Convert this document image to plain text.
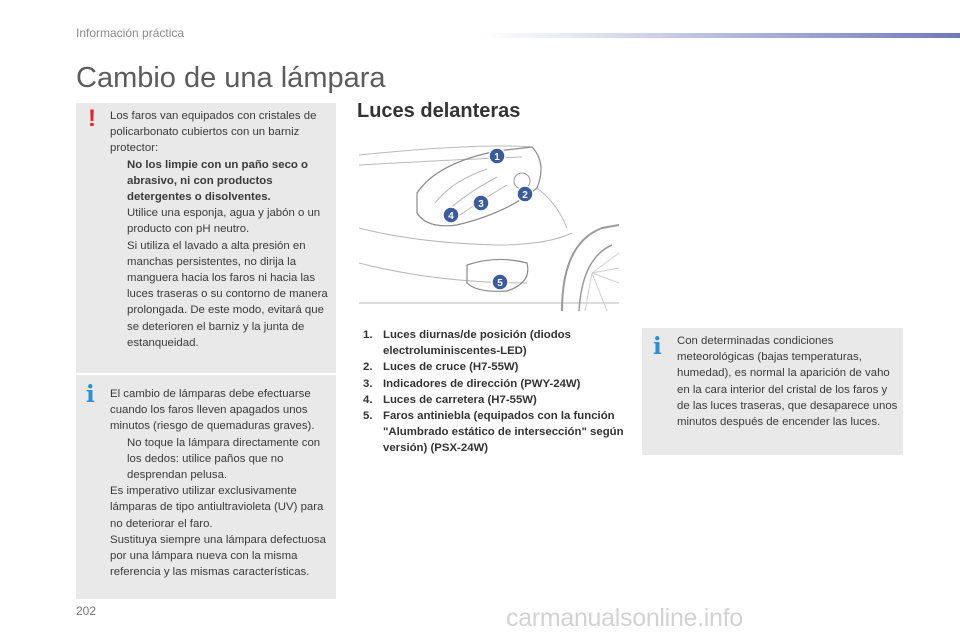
Información práctica
Cambio de una lámpara
! Los faros van equipados con cristales de policarbonato cubiertos con un barniz protector:

No los limpie con un paño seco o abrasivo, ni con productos detergentes o disolventes.
Utilice una esponja, agua y jabón o un producto con pH neutro.
Si utiliza el lavado a alta presión en manchas persistentes, no dirija la manguera hacia los faros ni hacia las luces traseras o su contorno de manera prolongada. De este modo, evitará que se deterioren el barniz y la junta de estanqueidad.
i El cambio de lámparas debe efectuarse cuando los faros lleven apagados unos minutos (riesgo de quemaduras graves).

No toque la lámpara directamente con los dedos: utilice paños que no desprendan pelusa.

Es imperativo utilizar exclusivamente lámparas de tipo antiultravioleta (UV) para no deteriorar el faro.

Sustituya siempre una lámpara defectuosa por una lámpara nueva con la misma referencia y las mismas características.

Luces delanteras
1
2
3
4
5
1. Luces diurnas/de posición (diodos electroluminiscentes-LED)
2. Luces de cruce (H7-55W)
3. Indicadores de dirección (PWY-24W)
4. Luces de carretera (H7-55W)
5. Faros antiniebla (equipados con la función "Alumbrado estático de intersección" según versión) (PSX-24W)
i Con determinadas condiciones meteorológicas (bajas temperaturas, humedad), es normal la aparición de vaho en la cara interior del cristal de los faros y de las luces traseras, que desaparece unos minutos después de encender las luces.

202	carmanualsonline.info
